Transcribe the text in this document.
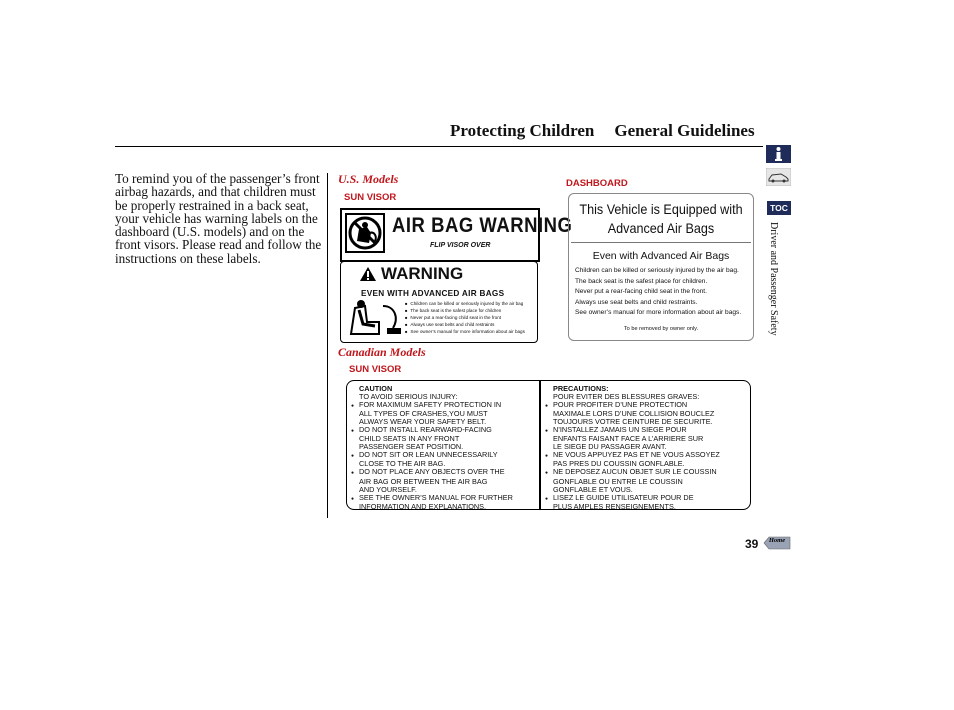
Protecting Children General Guidelines
To remind you of the passenger’s front airbag hazards, and that children must be properly restrained in a back seat, your vehicle has warning labels on the dashboard (U.S. models) and on the front visors. Please read and follow the instructions on these labels.
U.S. Models
SUN VISOR
DASHBOARD
AIR BAG WARNING
FLIP VISOR OVER
WARNING
EVEN WITH ADVANCED AIR BAGS
■ Children can be killed or seriously injured by the air bag
■ The back seat is the safest place for children
■ Never put a rear-facing child seat in the front
■ Always use seat belts and child restraints
■ See owner’s manual for more information about air bags
This Vehicle is Equipped with Advanced Air Bags
Even with Advanced Air Bags
Children can be killed or seriously injured by the air bag.
The back seat is the safest place for children.
Never put a rear-facing child seat in the front.
Always use seat belts and child restraints.
See owner’s manual for more information about air bags.
To be removed by owner only.
Canadian Models
SUN VISOR
CAUTION
TO AVOID SERIOUS INJURY:
● FOR MAXIMUM SAFETY PROTECTION IN
ALL TYPES OF CRASHES,YOU MUST
ALWAYS WEAR YOUR SAFETY BELT.
● DO NOT INSTALL REARWARD-FACING
CHILD SEATS IN ANY FRONT
PASSENGER SEAT POSITION.
● DO NOT SIT OR LEAN UNNECESSARILY
CLOSE TO THE AIR BAG.
● DO NOT PLACE ANY OBJECTS OVER THE
AIR BAG OR BETWEEN THE AIR BAG
AND YOURSELF.
● SEE THE OWNER’S MANUAL FOR FURTHER
INFORMATION AND EXPLANATIONS.
PRECAUTIONS:
POUR EVITER DES BLESSURES GRAVES:
● POUR PROFITER D’UNE PROTECTION
MAXIMALE LORS D’UNE COLLISION BOUCLEZ
TOUJOURS VOTRE CEINTURE DE SECURITE.
● N’INSTALLEZ JAMAIS UN SIEGE POUR
ENFANTS FAISANT FACE A L’ARRIERE SUR
LE SIEGE DU PASSAGER AVANT.
● NE VOUS APPUYEZ PAS ET NE VOUS ASSOYEZ
PAS PRES DU COUSSIN GONFLABLE.
● NE DEPOSEZ AUCUN OBJET SUR LE COUSSIN
GONFLABLE OU ENTRE LE COUSSIN
GONFLABLE ET VOUS.
● LISEZ LE GUIDE UTILISATEUR POUR DE
PLUS AMPLES RENSEIGNEMENTS.
TOC
Driver and Passenger Safety
39	Home
